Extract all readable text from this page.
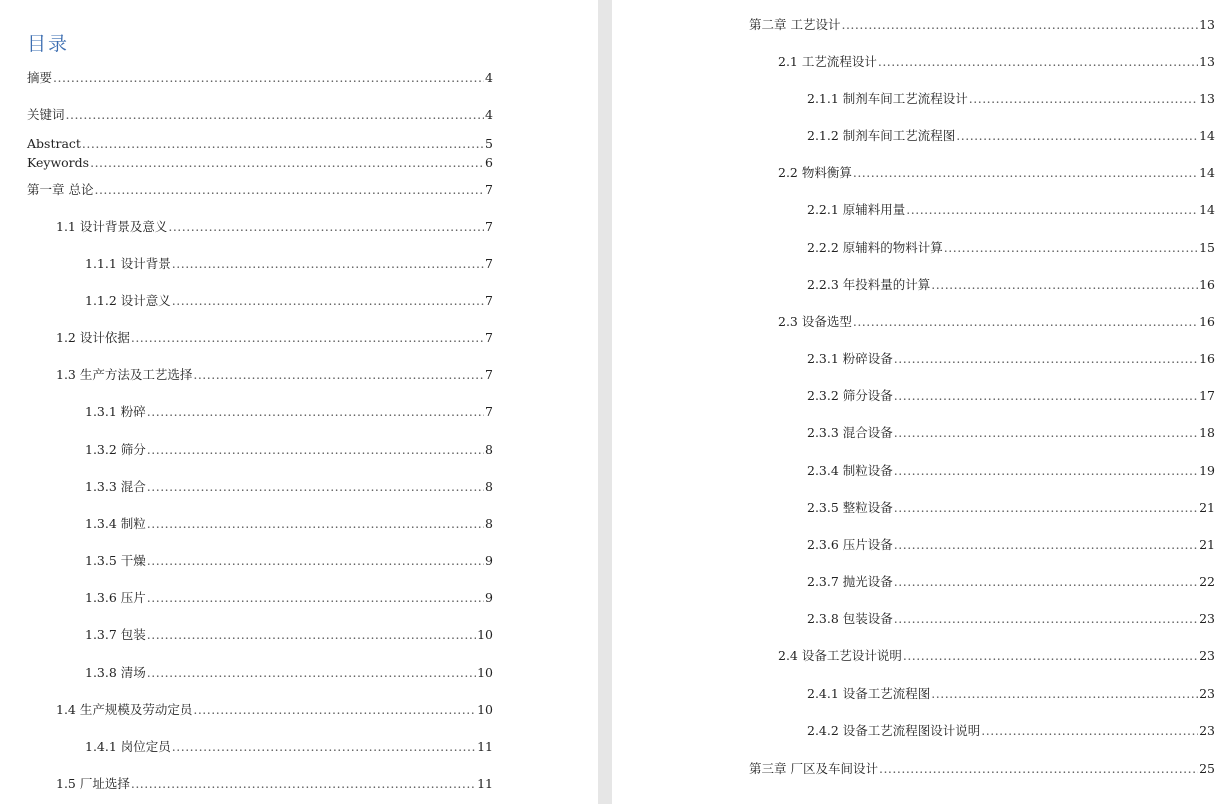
目录
摘要 .....	4
关键词 .....	4
Abstract .....	5
Keywords .....	6
第一章 总论 .....	7
1.1 设计背景及意义 .....	7
1.1.1 设计背景 .....	7
1.1.2 设计意义 .....	7
1.2 设计依据 .....	7
1.3 生产方法及工艺选择 .....	7
1.3.1 粉碎 .....	7
1.3.2 筛分 .....	8
1.3.3 混合 .....	8
1.3.4 制粒 .....	8
1.3.5 干燥 .....	9
1.3.6 压片 .....	9
1.3.7 包装 .....	10
1.3.8 清场 .....	10
1.4 生产规模及劳动定员 .....	10
1.4.1 岗位定员 .....	11
1.5 厂址选择 .....	11
第二章 工艺设计 .....	13
2.1 工艺流程设计 .....	13
2.1.1 制剂车间工艺流程设计 .....	13
2.1.2 制剂车间工艺流程图 .....	14
2.2 物料衡算 .....	14
2.2.1 原辅料用量 .....	14
2.2.2 原辅料的物料计算 .....	15
2.2.3 年投料量的计算 .....	16
2.3 设备选型 .....	16
2.3.1 粉碎设备 .....	16
2.3.2 筛分设备 .....	17
2.3.3 混合设备 .....	18
2.3.4 制粒设备 .....	19
2.3.5 整粒设备 .....	21
2.3.6 压片设备 .....	21
2.3.7 抛光设备 .....	22
2.3.8 包装设备 .....	23
2.4 设备工艺设计说明 .....	23
2.4.1 设备工艺流程图 .....	23
2.4.2 设备工艺流程图设计说明 .....	23
第三章 厂区及车间设计 .....	25
